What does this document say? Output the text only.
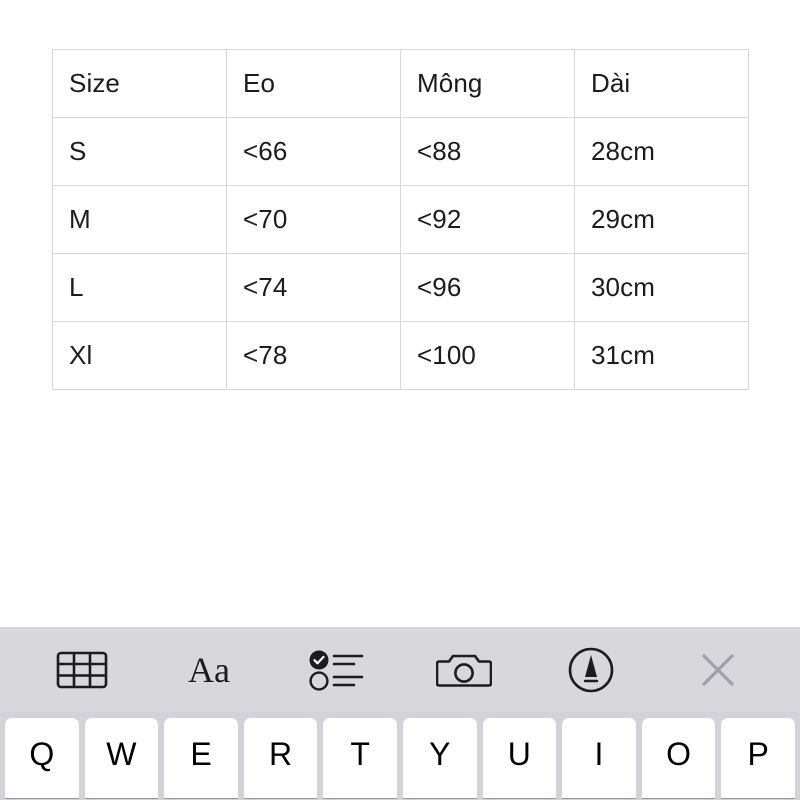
Size	Eo	Mông	Dài
S	<66	<88	28cm
M	<70	<92	29cm
L	<74	<96	30cm
Xl	<78	<100	31cm
Aa
Q	W	E	R	T	Y	U	I	O	P
